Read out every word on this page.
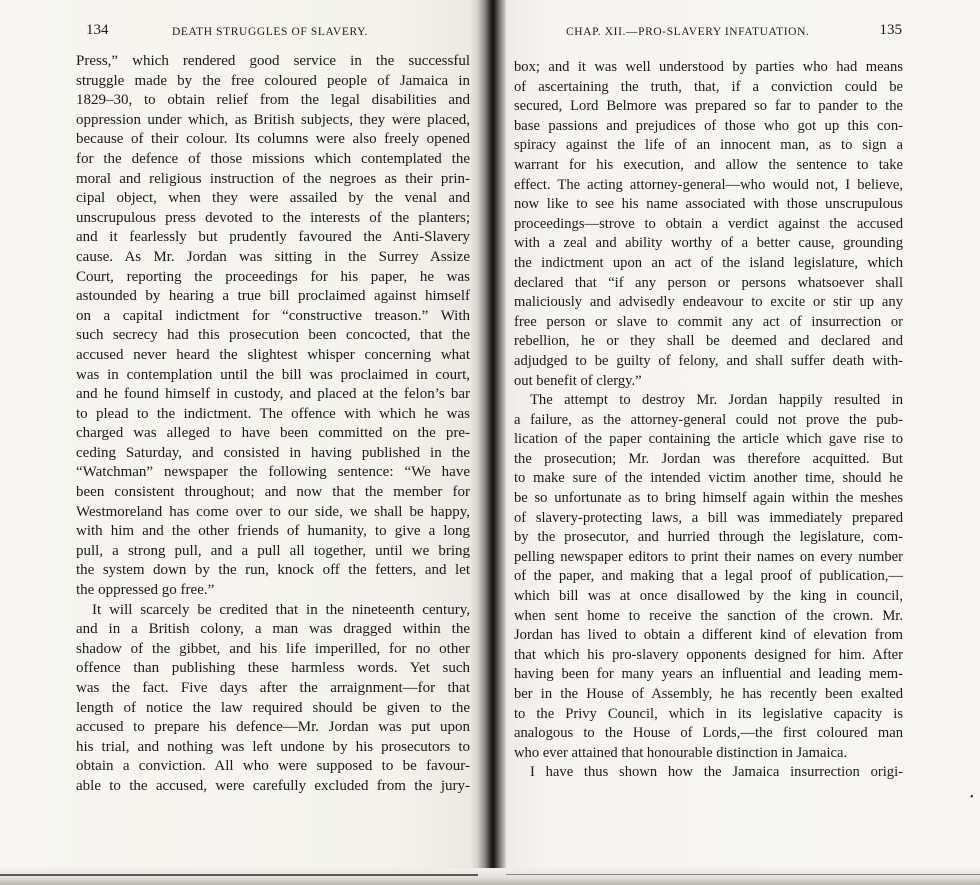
134	DEATH STRUGGLES OF SLAVERY.	CHAP. XII.—PRO-SLAVERY INFATUATION.	135
Press,” which rendered good service in the successful
struggle made by the free coloured people of Jamaica in
1829–30, to obtain relief from the legal disabilities and
oppression under which, as British subjects, they were placed,
because of their colour. Its columns were also freely opened
for the defence of those missions which contemplated the
moral and religious instruction of the negroes as their prin-
cipal object, when they were assailed by the venal and
unscrupulous press devoted to the interests of the planters;
and it fearlessly but prudently favoured the Anti-Slavery
cause. As Mr. Jordan was sitting in the Surrey Assize
Court, reporting the proceedings for his paper, he was
astounded by hearing a true bill proclaimed against himself
on a capital indictment for “constructive treason.” With
such secrecy had this prosecution been concocted, that the
accused never heard the slightest whisper concerning what
was in contemplation until the bill was proclaimed in court,
and he found himself in custody, and placed at the felon’s bar
to plead to the indictment. The offence with which he was
charged was alleged to have been committed on the pre-
ceding Saturday, and consisted in having published in the
“Watchman” newspaper the following sentence: “We have
been consistent throughout; and now that the member for
Westmoreland has come over to our side, we shall be happy,
with him and the other friends of humanity, to give a long
pull, a strong pull, and a pull all together, until we bring
the system down by the run, knock off the fetters, and let
the oppressed go free.”
It will scarcely be credited that in the nineteenth century,
and in a British colony, a man was dragged within the
shadow of the gibbet, and his life imperilled, for no other
offence than publishing these harmless words. Yet such
was the fact. Five days after the arraignment—for that
length of notice the law required should be given to the
accused to prepare his defence—Mr. Jordan was put upon
his trial, and nothing was left undone by his prosecutors to
obtain a conviction. All who were supposed to be favour-
able to the accused, were carefully excluded from the jury-
box; and it was well understood by parties who had means
of ascertaining the truth, that, if a conviction could be
secured, Lord Belmore was prepared so far to pander to the
base passions and prejudices of those who got up this con-
spiracy against the life of an innocent man, as to sign a
warrant for his execution, and allow the sentence to take
effect. The acting attorney-general—who would not, I believe,
now like to see his name associated with those unscrupulous
proceedings—strove to obtain a verdict against the accused
with a zeal and ability worthy of a better cause, grounding
the indictment upon an act of the island legislature, which
declared that “if any person or persons whatsoever shall
maliciously and advisedly endeavour to excite or stir up any
free person or slave to commit any act of insurrection or
rebellion, he or they shall be deemed and declared and
adjudged to be guilty of felony, and shall suffer death with-
out benefit of clergy.”
The attempt to destroy Mr. Jordan happily resulted in
a failure, as the attorney-general could not prove the pub-
lication of the paper containing the article which gave rise to
the prosecution; Mr. Jordan was therefore acquitted. But
to make sure of the intended victim another time, should he
be so unfortunate as to bring himself again within the meshes
of slavery-protecting laws, a bill was immediately prepared
by the prosecutor, and hurried through the legislature, com-
pelling newspaper editors to print their names on every number
of the paper, and making that a legal proof of publication,—
which bill was at once disallowed by the king in council,
when sent home to receive the sanction of the crown. Mr.
Jordan has lived to obtain a different kind of elevation from
that which his pro-slavery opponents designed for him. After
having been for many years an influential and leading mem-
ber in the House of Assembly, he has recently been exalted
to the Privy Council, which in its legislative capacity is
analogous to the House of Lords,—the first coloured man
who ever attained that honourable distinction in Jamaica.
I have thus shown how the Jamaica insurrection origi-
•
